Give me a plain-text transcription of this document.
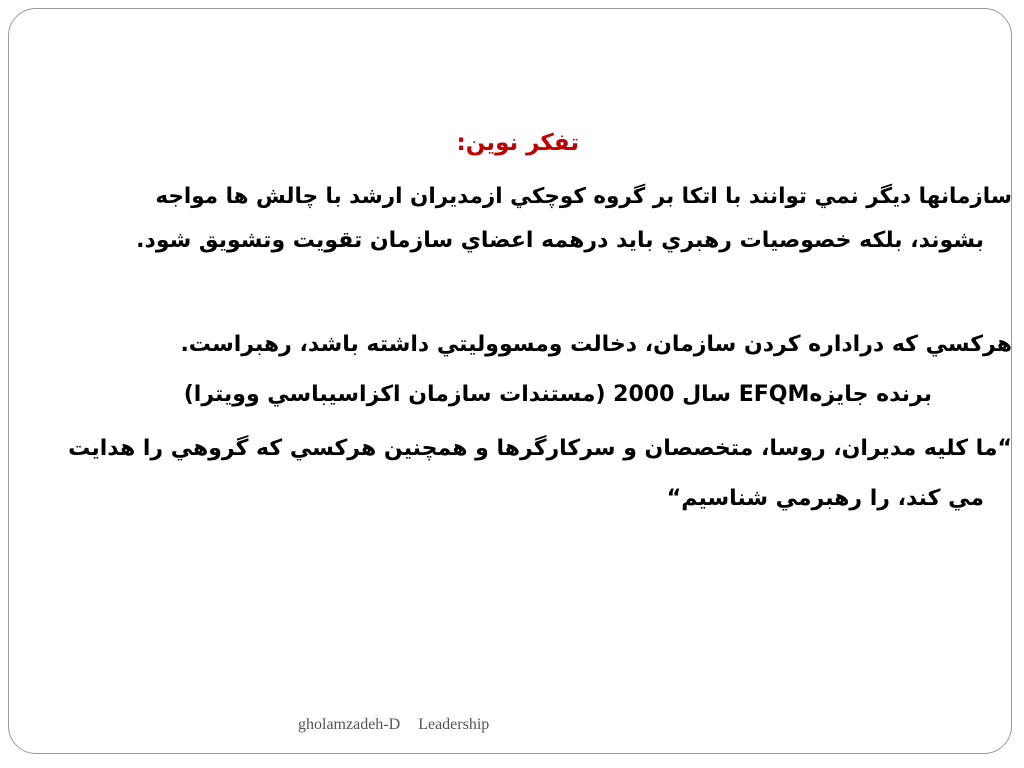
تفکر نوين:
سازمانها ديگر نمي توانند با اتكا بر گروه كوچكي ازمديران ارشد با چالش ها مواجه
بشوند، بلكه خصوصيات رهبري بايد درهمه اعضاي سازمان تقويت وتشويق شود.
هركسي كه دراداره كردن سازمان، دخالت ومسووليتي داشته باشد، رهبراست.
برنده جايزهEFQM سال 2000 (مستندات سازمان اكزاسيباسي وويترا)
“ما كليه مديران، روسا، متخصصان و سركارگرها و همچنين هركسي كه گروهي را هدايت
مي كند، را رهبرمي شناسيم“
gholamzadeh-D Leadership
